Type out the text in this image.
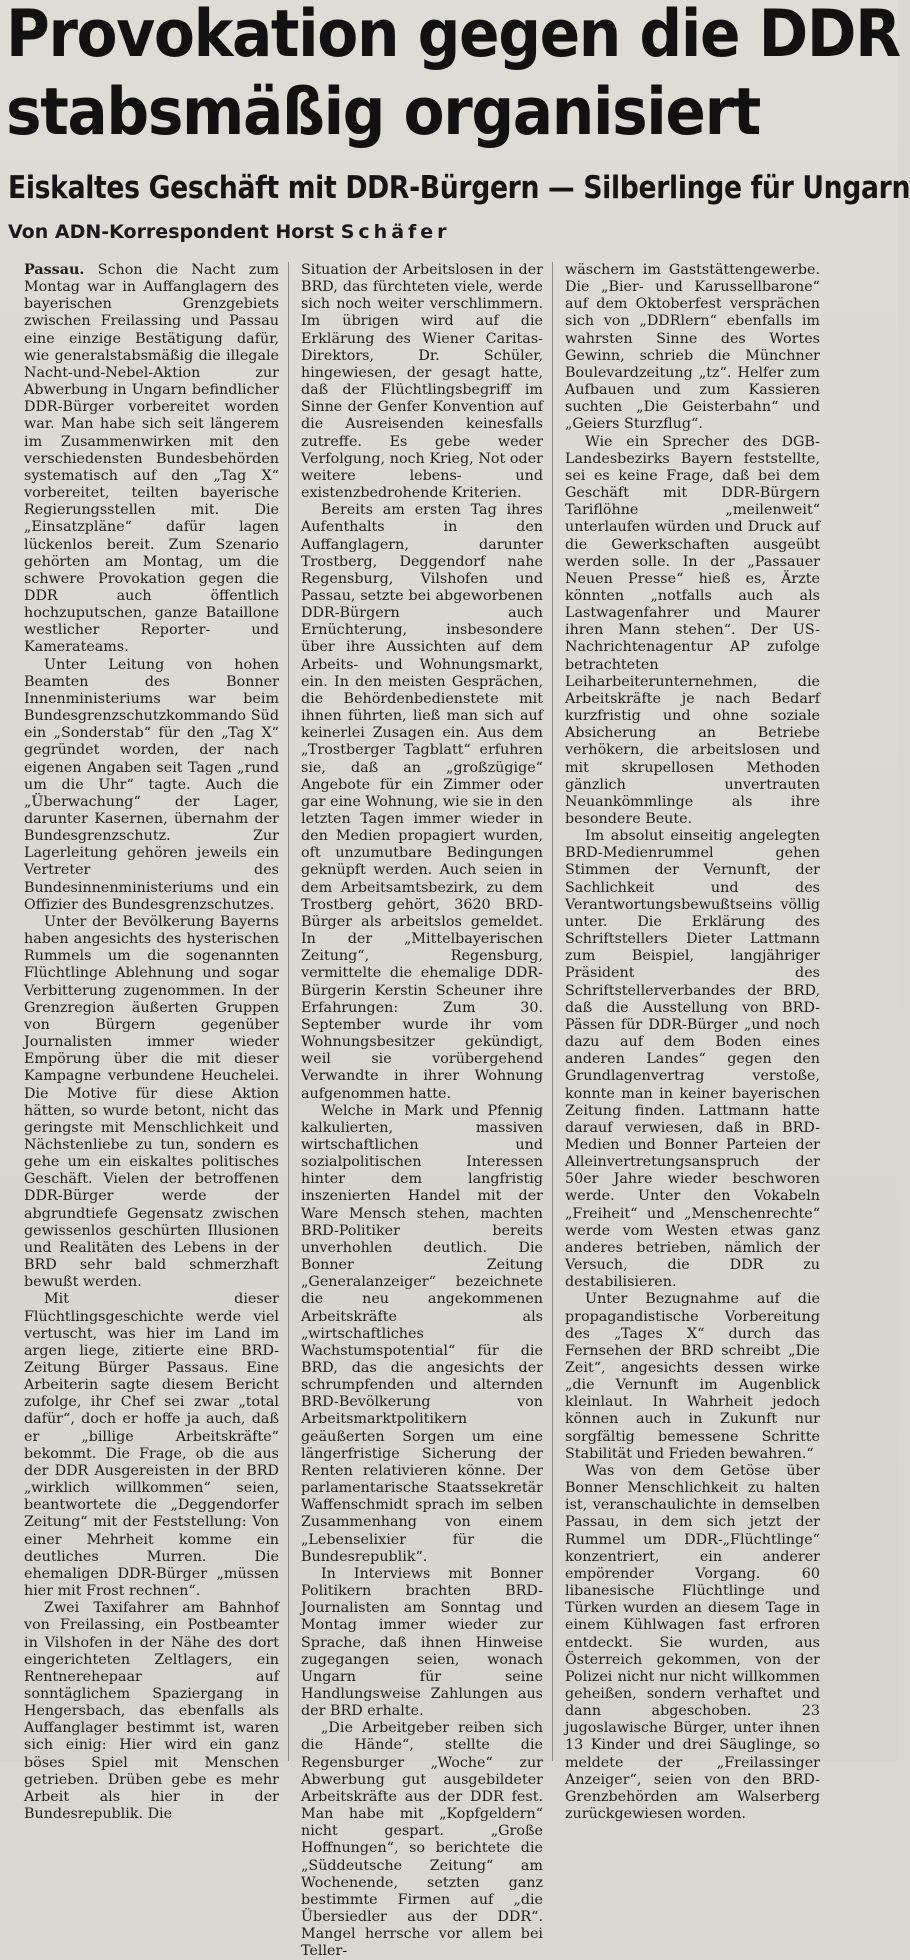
Provokation gegen die DDR
stabsmäßig organisiert
Eiskaltes Geschäft mit DDR-Bürgern — Silberlinge für Ungarn
Von ADN-Korrespondent Horst Schäfer

Passau. Schon die Nacht zum Montag war in Auffanglagern des bayerischen Grenzgebiets zwischen Freilassing und Passau eine einzige Bestätigung dafür, wie generalstabsmäßig die illegale Nacht-und-Nebel-Aktion zur Abwerbung in Ungarn befindlicher DDR-Bürger vorbereitet worden war. Man habe sich seit längerem im Zusammenwirken mit den verschiedensten Bundesbehörden systematisch auf den „Tag X“ vorbereitet, teilten bayerische Regierungsstellen mit. Die „Einsatzpläne“ dafür lagen lückenlos bereit. Zum Szenario gehörten am Montag, um die schwere Provokation gegen die DDR auch öffentlich hochzuputschen, ganze Bataillone westlicher Reporter- und Kamerateams.

Unter Leitung von hohen Beamten des Bonner Innenministeriums war beim Bundesgrenzschutzkommando Süd ein „Sonderstab“ für den „Tag X“ gegründet worden, der nach eigenen Angaben seit Tagen „rund um die Uhr“ tagte. Auch die „Überwachung“ der Lager, darunter Kasernen, übernahm der Bundesgrenzschutz. Zur Lagerleitung gehören jeweils ein Vertreter des Bundesinnenministeriums und ein Offizier des Bundesgrenzschutzes.

Unter der Bevölkerung Bayerns haben angesichts des hysterischen Rummels um die sogenannten Flüchtlinge Ablehnung und sogar Verbitterung zugenommen. In der Grenzregion äußerten Gruppen von Bürgern gegenüber Journalisten immer wieder Empörung über die mit dieser Kampagne verbundene Heuchelei. Die Motive für diese Aktion hätten, so wurde betont, nicht das geringste mit Menschlichkeit und Nächstenliebe zu tun, sondern es gehe um ein eiskaltes politisches Geschäft. Vielen der betroffenen DDR-Bürger werde der abgrundtiefe Gegensatz zwischen gewissenlos geschürten Illusionen und Realitäten des Lebens in der BRD sehr bald schmerzhaft bewußt werden.

Mit dieser Flüchtlingsgeschichte werde viel vertuscht, was hier im Land im argen liege, zitierte eine BRD-Zeitung Bürger Passaus. Eine Arbeiterin sagte diesem Bericht zufolge, ihr Chef sei zwar „total dafür“, doch er hoffe ja auch, daß er „billige Arbeitskräfte“ bekommt. Die Frage, ob die aus der DDR Ausgereisten in der BRD „wirklich willkommen“ seien, beantwortete die „Deggendorfer Zeitung“ mit der Feststellung: Von einer Mehrheit komme ein deutliches Murren. Die ehemaligen DDR-Bürger „müssen hier mit Frost rechnen“.

Zwei Taxifahrer am Bahnhof von Freilassing, ein Postbeamter in Vilshofen in der Nähe des dort eingerichteten Zeltlagers, ein Rentnerehepaar auf sonntäglichem Spaziergang in Hengersbach, das ebenfalls als Auffanglager bestimmt ist, waren sich einig: Hier wird ein ganz böses Spiel mit Menschen getrieben. Drüben gebe es mehr Arbeit als hier in der Bundesrepublik. Die

Situation der Arbeitslosen in der BRD, das fürchteten viele, werde sich noch weiter verschlimmern. Im übrigen wird auf die Erklärung des Wiener Caritas-Direktors, Dr. Schüler, hingewiesen, der gesagt hatte, daß der Flüchtlingsbegriff im Sinne der Genfer Konvention auf die Ausreisenden keinesfalls zutreffe. Es gebe weder Verfolgung, noch Krieg, Not oder weitere lebens- und existenzbedrohende Kriterien.

Bereits am ersten Tag ihres Aufenthalts in den Auffanglagern, darunter Trostberg, Deggendorf nahe Regensburg, Vilshofen und Passau, setzte bei abgeworbenen DDR-Bürgern auch Ernüchterung, insbesondere über ihre Aussichten auf dem Arbeits- und Wohnungsmarkt, ein. In den meisten Gesprächen, die Behördenbedienstete mit ihnen führten, ließ man sich auf keinerlei Zusagen ein. Aus dem „Trostberger Tagblatt“ erfuhren sie, daß an „großzügige“ Angebote für ein Zimmer oder gar eine Wohnung, wie sie in den letzten Tagen immer wieder in den Medien propagiert wurden, oft unzumutbare Bedingungen geknüpft werden. Auch seien in dem Arbeitsamtsbezirk, zu dem Trostberg gehört, 3620 BRD-Bürger als arbeitslos gemeldet. In der „Mittelbayerischen Zeitung“, Regensburg, vermittelte die ehemalige DDR-Bürgerin Kerstin Scheuner ihre Erfahrungen: Zum 30. September wurde ihr vom Wohnungsbesitzer gekündigt, weil sie vorübergehend Verwandte in ihrer Wohnung aufgenommen hatte.

Welche in Mark und Pfennig kalkulierten, massiven wirtschaftlichen und sozialpolitischen Interessen hinter dem langfristig inszenierten Handel mit der Ware Mensch stehen, machten BRD-Politiker bereits unverhohlen deutlich. Die Bonner Zeitung „Generalanzeiger“ bezeichnete die neu angekommenen Arbeitskräfte als „wirtschaftliches Wachstumspotential“ für die BRD, das die angesichts der schrumpfenden und alternden BRD-Bevölkerung von Arbeitsmarktpolitikern geäußerten Sorgen um eine längerfristige Sicherung der Renten relativieren könne. Der parlamentarische Staatssekretär Waffenschmidt sprach im selben Zusammenhang von einem „Lebenselixier für die Bundesrepublik“.

In Interviews mit Bonner Politikern brachten BRD-Journalisten am Sonntag und Montag immer wieder zur Sprache, daß ihnen Hinweise zugegangen seien, wonach Ungarn für seine Handlungsweise Zahlungen aus der BRD erhalte.

„Die Arbeitgeber reiben sich die Hände“, stellte die Regensburger „Woche“ zur Abwerbung gut ausgebildeter Arbeitskräfte aus der DDR fest. Man habe mit „Kopfgeldern“ nicht gespart. „Große Hoffnungen“, so berichtete die „Süddeutsche Zeitung“ am Wochenende, setzten ganz bestimmte Firmen auf „die Übersiedler aus der DDR“. Mangel herrsche vor allem bei Teller-

wäschern im Gaststättengewerbe. Die „Bier- und Karussellbarone“ auf dem Oktoberfest versprächen sich von „DDRlern“ ebenfalls im wahrsten Sinne des Wortes Gewinn, schrieb die Münchner Boulevardzeitung „tz“. Helfer zum Aufbauen und zum Kassieren suchten „Die Geisterbahn“ und „Geiers Sturzflug“.

Wie ein Sprecher des DGB-Landesbezirks Bayern feststellte, sei es keine Frage, daß bei dem Geschäft mit DDR-Bürgern Tariflöhne „meilenweit“ unterlaufen würden und Druck auf die Gewerkschaften ausgeübt werden solle. In der „Passauer Neuen Presse“ hieß es, Ärzte könnten „notfalls auch als Lastwagenfahrer und Maurer ihren Mann stehen“. Der US-Nachrichtenagentur AP zufolge betrachteten Leiharbeiterunternehmen, die Arbeitskräfte je nach Bedarf kurzfristig und ohne soziale Absicherung an Betriebe verhökern, die arbeitslosen und mit skrupellosen Methoden gänzlich unvertrauten Neuankömmlinge als ihre besondere Beute.

Im absolut einseitig angelegten BRD-Medienrummel gehen Stimmen der Vernunft, der Sachlichkeit und des Verantwortungsbewußtseins völlig unter. Die Erklärung des Schriftstellers Dieter Lattmann zum Beispiel, langjähriger Präsident des Schriftstellerverbandes der BRD, daß die Ausstellung von BRD-Pässen für DDR-Bürger „und noch dazu auf dem Boden eines anderen Landes“ gegen den Grundlagenvertrag verstoße, konnte man in keiner bayerischen Zeitung finden. Lattmann hatte darauf verwiesen, daß in BRD-Medien und Bonner Parteien der Alleinvertretungsanspruch der 50er Jahre wieder beschworen werde. Unter den Vokabeln „Freiheit“ und „Menschenrechte“ werde vom Westen etwas ganz anderes betrieben, nämlich der Versuch, die DDR zu destabilisieren.

Unter Bezugnahme auf die propagandistische Vorbereitung des „Tages X“ durch das Fernsehen der BRD schreibt „Die Zeit“, angesichts dessen wirke „die Vernunft im Augenblick kleinlaut. In Wahrheit jedoch können auch in Zukunft nur sorgfältig bemessene Schritte Stabilität und Frieden bewahren.“

Was von dem Getöse über Bonner Menschlichkeit zu halten ist, veranschaulichte in demselben Passau, in dem sich jetzt der Rummel um DDR-„Flüchtlinge“ konzentriert, ein anderer empörender Vorgang. 60 libanesische Flüchtlinge und Türken wurden an diesem Tage in einem Kühlwagen fast erfroren entdeckt. Sie wurden, aus Österreich gekommen, von der Polizei nicht nur nicht willkommen geheißen, sondern verhaftet und dann abgeschoben. 23 jugoslawische Bürger, unter ihnen 13 Kinder und drei Säuglinge, so meldete der „Freilassinger Anzeiger“, seien von den BRD-Grenzbehörden am Walserberg zurückgewiesen worden.
